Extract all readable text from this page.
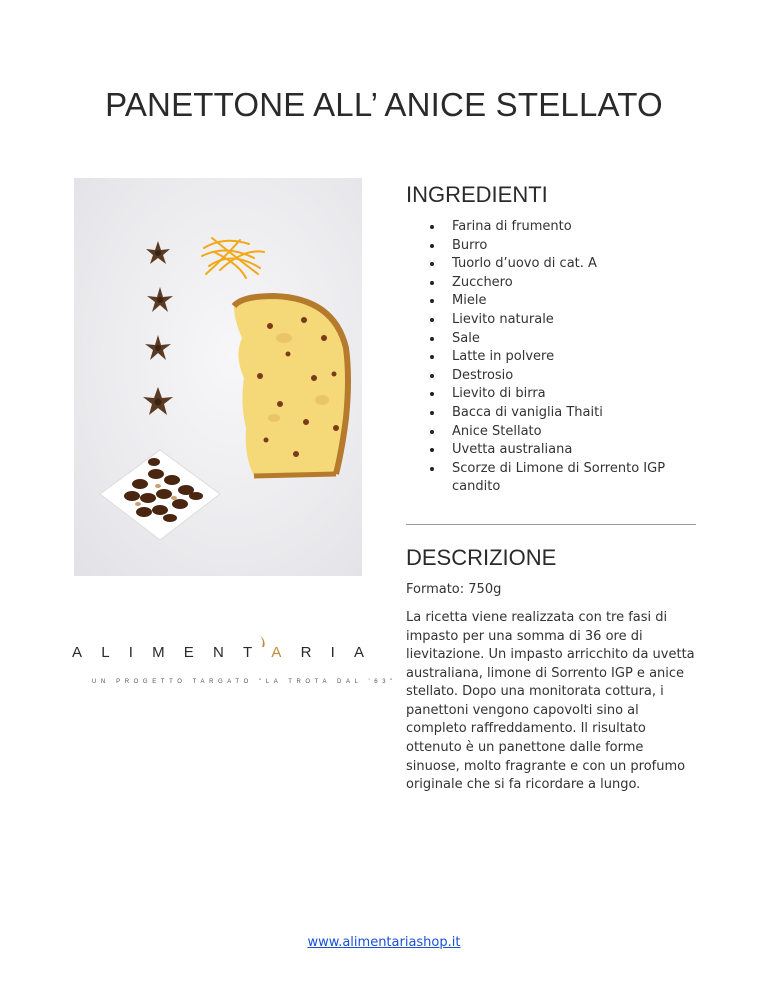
PANETTONE ALL’ ANICE STELLATO
INGREDIENTI
Farina di frumento
Burro
Tuorlo d’uovo di cat. A
Zucchero
Miele
Lievito naturale
Sale
Latte in polvere
Destrosio
Lievito di birra
Bacca di vaniglia Thaiti
Anice Stellato
Uvetta australiana
Scorze di Limone di Sorrento IGP candito
DESCRIZIONE

Formato: 750g

La ricetta viene realizzata con tre fasi di impasto per una somma di 36 ore di lievitazione. Un impasto arricchito da uvetta australiana, limone di Sorrento IGP e anice stellato. Dopo una monitorata cottura, i panettoni vengono capovolti sino al completo raffreddamento. Il risultato ottenuto è un panettone dalle forme sinuose, molto fragrante e con un profumo originale che si fa ricordare a lungo.

A L I M E N T A R I A
UN PROGETTO TARGATO "LA TROTA DAL '63"
www.alimentariashop.it
